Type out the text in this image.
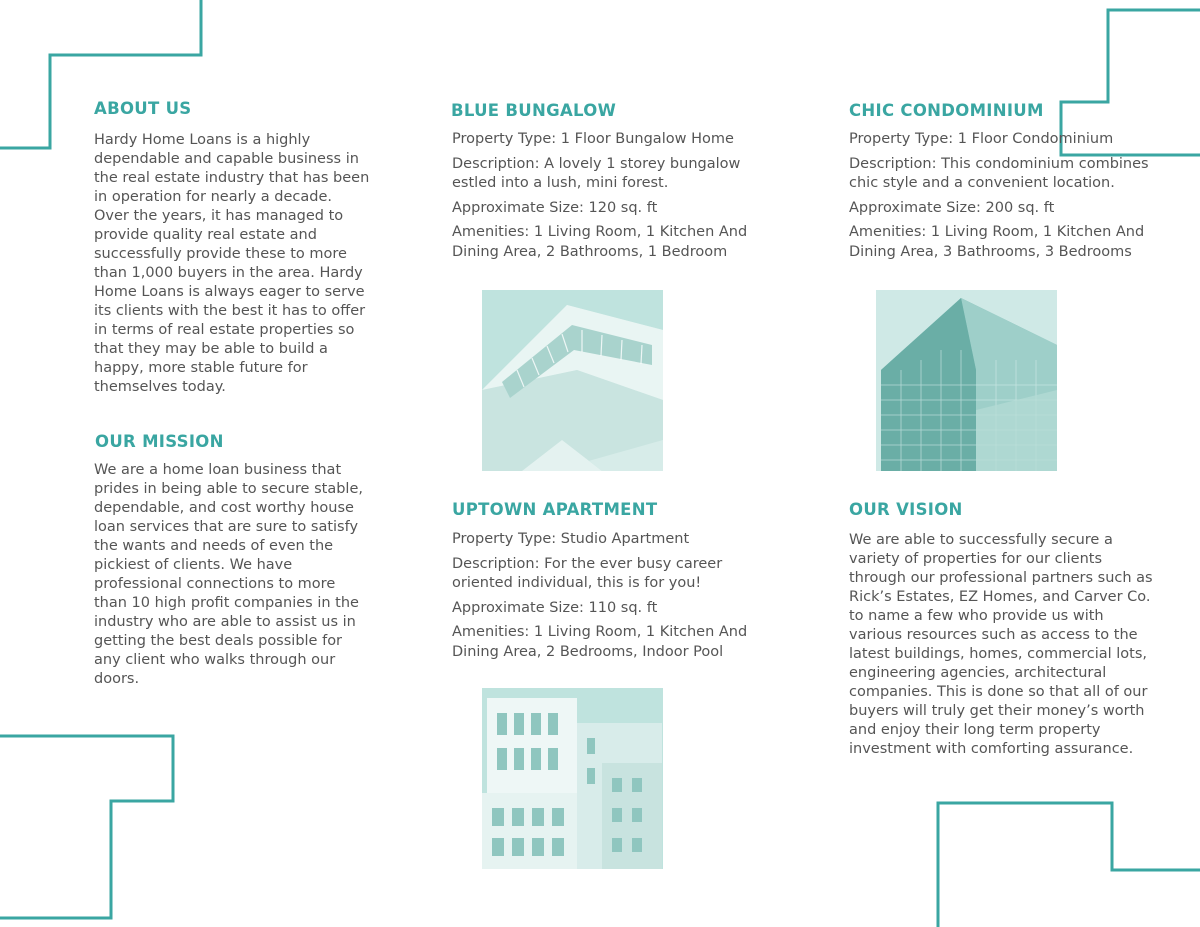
ABOUT US

Hardy Home Loans is a highly dependable and capable business in the real estate industry that has been in operation for nearly a decade. Over the years, it has managed to provide quality real estate and successfully provide these to more than 1,000 buyers in the area. Hardy Home Loans is always eager to serve its clients with the best it has to offer in terms of real estate properties so that they may be able to build a happy, more stable future for themselves today.

OUR MISSION

We are a home loan business that prides in being able to secure stable, dependable, and cost worthy house loan services that are sure to satisfy the wants and needs of even the pickiest of clients. We have professional connections to more than 10 high profit companies in the industry who are able to assist us in getting the best deals possible for any client who walks through our doors.

BLUE BUNGALOW

Property Type: 1 Floor Bungalow Home

Description: A lovely 1 storey bungalow estled into a lush, mini forest.

Approximate Size: 120 sq. ft

Amenities: 1 Living Room, 1 Kitchen And Dining Area, 2 Bathrooms, 1 Bedroom

UPTOWN APARTMENT

Property Type: Studio Apartment

Description: For the ever busy career oriented individual, this is for you!

Approximate Size: 110 sq. ft

Amenities: 1 Living Room, 1 Kitchen And Dining Area, 2 Bedrooms, Indoor Pool

CHIC CONDOMINIUM

Property Type: 1 Floor Condominium

Description: This condominium combines chic style and a convenient location.

Approximate Size: 200 sq. ft

Amenities: 1 Living Room, 1 Kitchen And Dining Area, 3 Bathrooms, 3 Bedrooms

OUR VISION

We are able to successfully secure a variety of properties for our clients through our professional partners such as Rick’s Estates, EZ Homes, and Carver Co. to name a few who provide us with various resources such as access to the latest buildings, homes, commercial lots, engineering agencies, architectural companies. This is done so that all of our buyers will truly get their money’s worth and enjoy their long term property investment with comforting assurance.
